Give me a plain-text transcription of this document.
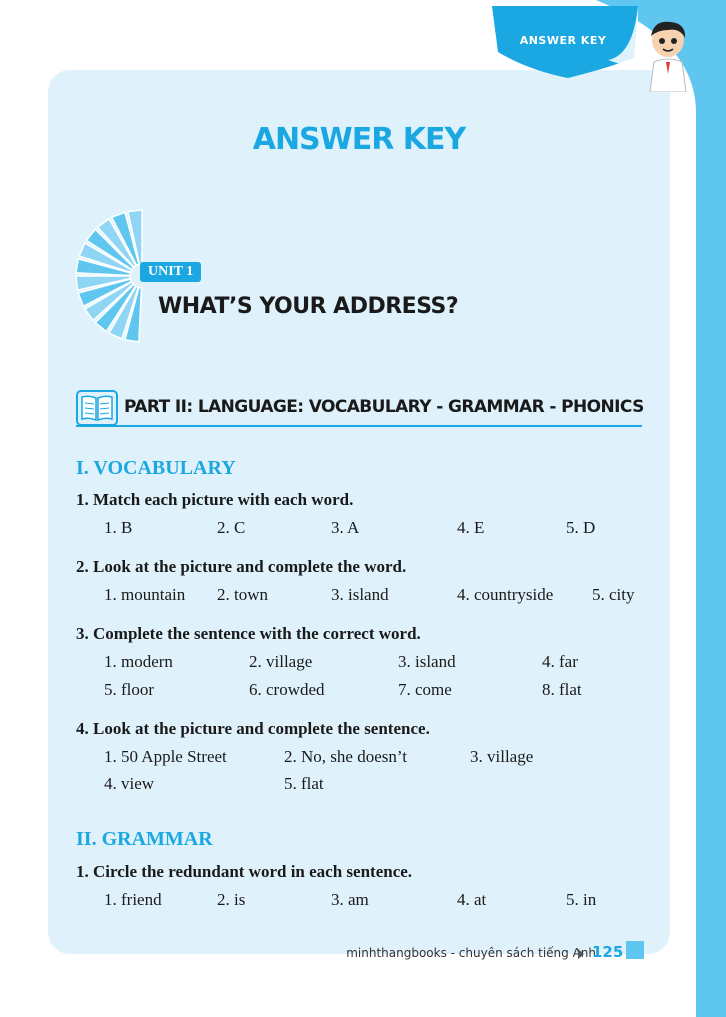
ANSWER KEY
ANSWER KEY
UNIT 1
WHAT’S YOUR ADDRESS?
PART II: LANGUAGE: VOCABULARY - GRAMMAR - PHONICS
I. VOCABULARY
1. Match each picture with each word.
1. B	2. C	3. A	4. E	5. D
2. Look at the picture and complete the word.
1. mountain 2. town	3. island	4. countryside 5. city
3. Complete the sentence with the correct word.
1. modern	2. village	3. island	4. far
5. floor	6. crowded	7. come	8. flat
4. Look at the picture and complete the sentence.
1. 50 Apple Street	2. No, she doesn’t	3. village
4. view	5. flat
II. GRAMMAR
1. Circle the redundant word in each sentence.
1. friend	2. is	3. am	4. at	5. in
minhthangbooks - chuyên sách tiếng Anh
125
